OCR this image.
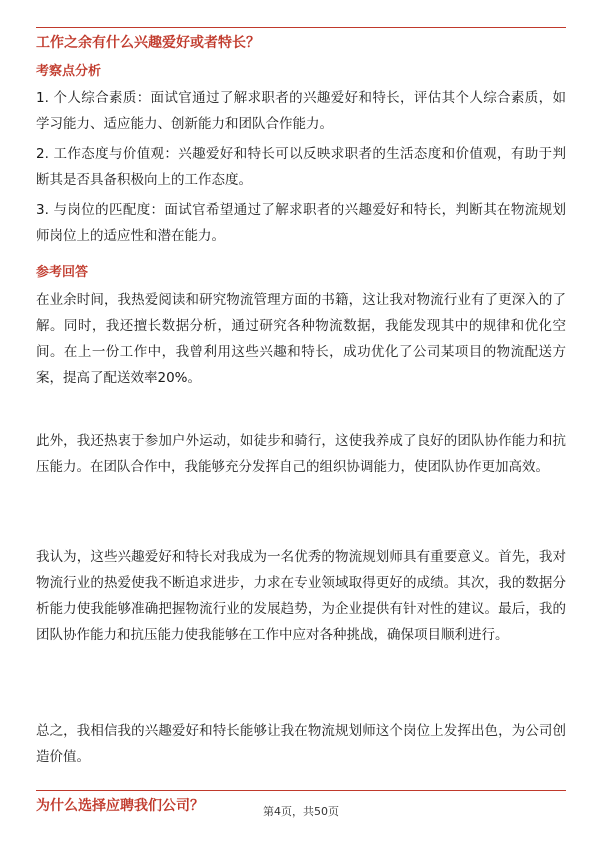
工作之余有什么兴趣爱好或者特长？
考察点分析
1. 个人综合素质：面试官通过了解求职者的兴趣爱好和特长，评估其个人综合素质，如学习能力、适应能力、创新能力和团队合作能力。
2. 工作态度与价值观：兴趣爱好和特长可以反映求职者的生活态度和价值观，有助于判断其是否具备积极向上的工作态度。
3. 与岗位的匹配度：面试官希望通过了解求职者的兴趣爱好和特长，判断其在物流规划师岗位上的适应性和潜在能力。
参考回答
在业余时间，我热爱阅读和研究物流管理方面的书籍，这让我对物流行业有了更深入的了解。同时，我还擅长数据分析，通过研究各种物流数据，我能发现其中的规律和优化空间。在上一份工作中，我曾利用这些兴趣和特长，成功优化了公司某项目的物流配送方案，提高了配送效率20%。
此外，我还热衷于参加户外运动，如徒步和骑行，这使我养成了良好的团队协作能力和抗压能力。在团队合作中，我能够充分发挥自己的组织协调能力，使团队协作更加高效。
我认为，这些兴趣爱好和特长对我成为一名优秀的物流规划师具有重要意义。首先，我对物流行业的热爱使我不断追求进步，力求在专业领域取得更好的成绩。其次，我的数据分析能力使我能够准确把握物流行业的发展趋势，为企业提供有针对性的建议。最后，我的团队协作能力和抗压能力使我能够在工作中应对各种挑战，确保项目顺利进行。
总之，我相信我的兴趣爱好和特长能够让我在物流规划师这个岗位上发挥出色，为公司创造价值。
为什么选择应聘我们公司？	第4页，共50页
